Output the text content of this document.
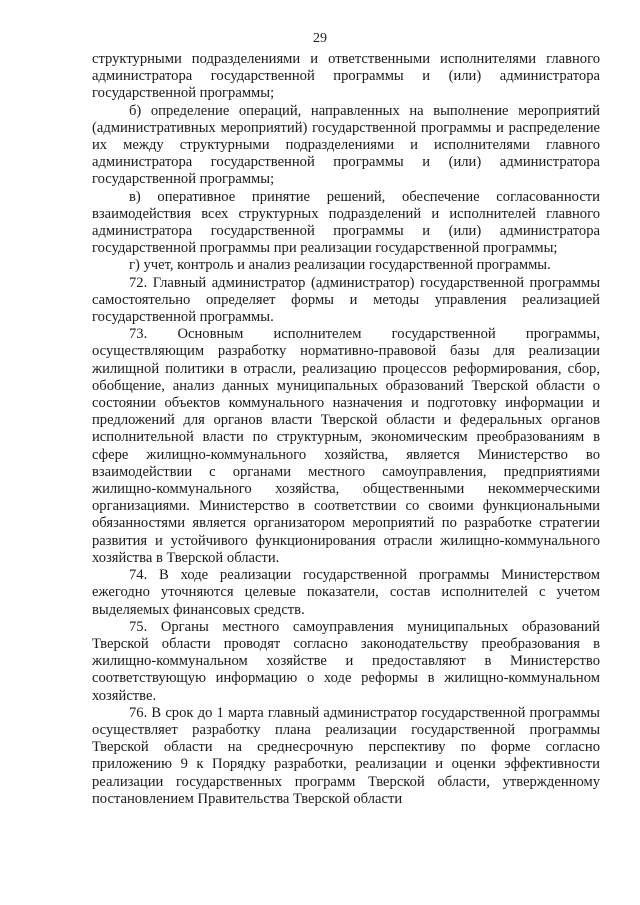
29

структурными подразделениями и ответственными исполнителями главного администратора государственной программы и (или) администратора государственной программы;

б) определение операций, направленных на выполнение мероприятий (административных мероприятий) государственной программы и распределение их между структурными подразделениями и исполнителями главного администратора государственной программы и (или) администратора государственной программы;

в) оперативное принятие решений, обеспечение согласованности взаимодействия всех структурных подразделений и исполнителей главного администратора государственной программы и (или) администратора государственной программы при реализации государственной программы;

г) учет, контроль и анализ реализации государственной программы.

72. Главный администратор (администратор) государственной программы самостоятельно определяет формы и методы управления реализацией государственной программы.

73. Основным исполнителем государственной программы, осуществляющим разработку нормативно-правовой базы для реализации жилищной политики в отрасли, реализацию процессов реформирования, сбор, обобщение, анализ данных муниципальных образований Тверской области о состоянии объектов коммунального назначения и подготовку информации и предложений для органов власти Тверской области и федеральных органов исполнительной власти по структурным, экономическим преобразованиям в сфере жилищно-коммунального хозяйства, является Министерство во взаимодействии с органами местного самоуправления, предприятиями жилищно-коммунального хозяйства, общественными некоммерческими организациями. Министерство в соответствии со своими функциональными обязанностями является организатором мероприятий по разработке стратегии развития и устойчивого функционирования отрасли жилищно-коммунального хозяйства в Тверской области.

74. В ходе реализации государственной программы Министерством ежегодно уточняются целевые показатели, состав исполнителей с учетом выделяемых финансовых средств.

75. Органы местного самоуправления муниципальных образований Тверской области проводят согласно законодательству преобразования в жилищно-коммунальном хозяйстве и предоставляют в Министерство соответствующую информацию о ходе реформы в жилищно-коммунальном хозяйстве.

76. В срок до 1 марта главный администратор государственной программы осуществляет разработку плана реализации государственной программы Тверской области на среднесрочную перспективу по форме согласно приложению 9 к Порядку разработки, реализации и оценки эффективности реализации государственных программ Тверской области, утвержденному постановлением Правительства Тверской области
